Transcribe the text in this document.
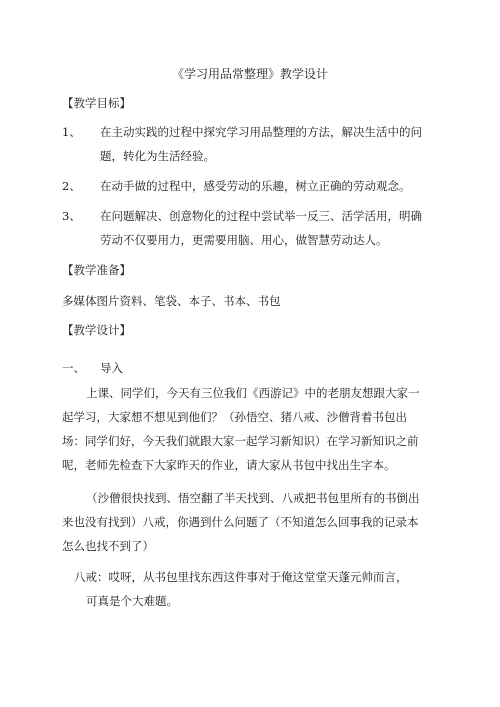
《学习用品常整理》教学设计
【教学目标】
1、 在主动实践的过程中探究学习用品整理的方法，解决生活中的问
题，转化为生活经验。
2、 在动手做的过程中，感受劳动的乐趣，树立正确的劳动观念。
3、 在问题解决、创意物化的过程中尝试举一反三、活学活用，明确
劳动不仅要用力，更需要用脑、用心，做智慧劳动达人。
【教学准备】
多媒体图片资料、笔袋、本子、书本、书包
【教学设计】
一、 导入
上课、同学们，今天有三位我们《西游记》中的老朋友想跟大家一
起学习，大家想不想见到他们？（孙悟空、猪八戒、沙僧背着书包出
场：同学们好，今天我们就跟大家一起学习新知识）在学习新知识之前
呢，老师先检查下大家昨天的作业，请大家从书包中找出生字本。
（沙僧很快找到、悟空翻了半天找到、八戒把书包里所有的书倒出
来也没有找到）八戒，你遇到什么问题了（不知道怎么回事我的记录本
怎么也找不到了）
八戒：哎呀，从书包里找东西这件事对于俺这堂堂天蓬元帅而言，
可真是个大难题。
